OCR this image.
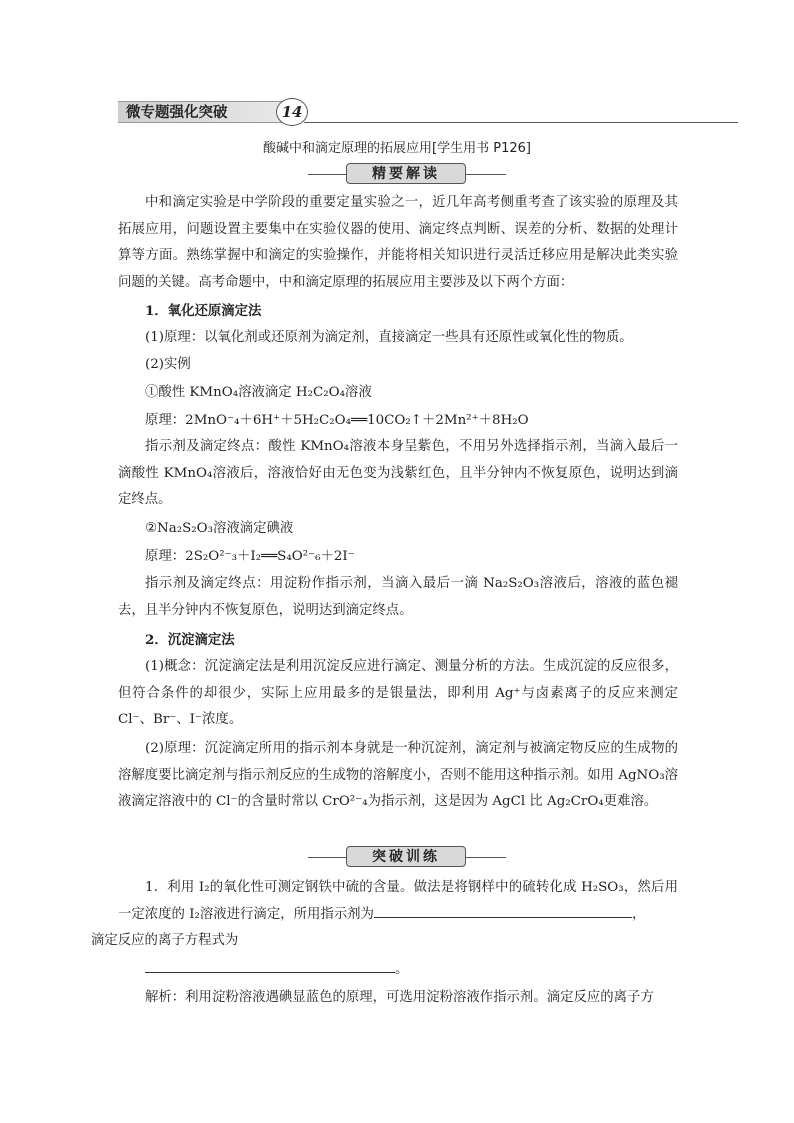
微专题强化突破	14
酸碱中和滴定原理的拓展应用[学生用书 P126]
精要解读
中和滴定实验是中学阶段的重要定量实验之一，近几年高考侧重考查了该实验的原理及其拓展应用，问题设置主要集中在实验仪器的使用、滴定终点判断、误差的分析、数据的处理计算等方面。熟练掌握中和滴定的实验操作，并能将相关知识进行灵活迁移应用是解决此类实验问题的关键。高考命题中，中和滴定原理的拓展应用主要涉及以下两个方面：
1．氧化还原滴定法
(1)原理：以氧化剂或还原剂为滴定剂，直接滴定一些具有还原性或氧化性的物质。
(2)实例
①酸性 KMnO₄溶液滴定 H₂C₂O₄溶液
原理：2MnO⁻₄＋6H⁺＋5H₂C₂O₄══10CO₂↑＋2Mn²⁺＋8H₂O
指示剂及滴定终点：酸性 KMnO₄溶液本身呈紫色，不用另外选择指示剂，当滴入最后一滴酸性 KMnO₄溶液后，溶液恰好由无色变为浅紫红色，且半分钟内不恢复原色，说明达到滴定终点。
②Na₂S₂O₃溶液滴定碘液
原理：2S₂O²⁻₃＋I₂══S₄O²⁻₆＋2I⁻
指示剂及滴定终点：用淀粉作指示剂，当滴入最后一滴 Na₂S₂O₃溶液后，溶液的蓝色褪去，且半分钟内不恢复原色，说明达到滴定终点。
2．沉淀滴定法
(1)概念：沉淀滴定法是利用沉淀反应进行滴定、测量分析的方法。生成沉淀的反应很多，但符合条件的却很少，实际上应用最多的是银量法，即利用 Ag⁺与卤素离子的反应来测定 Cl⁻、Br⁻、I⁻浓度。
(2)原理：沉淀滴定所用的指示剂本身就是一种沉淀剂，滴定剂与被滴定物反应的生成物的溶解度要比滴定剂与指示剂反应的生成物的溶解度小，否则不能用这种指示剂。如用 AgNO₃溶液滴定溶液中的 Cl⁻的含量时常以 CrO²⁻₄为指示剂，这是因为 AgCl 比 Ag₂CrO₄更难溶。
突破训练
1．利用 I₂的氧化性可测定钢铁中硫的含量。做法是将钢样中的硫转化成 H₂SO₃，然后用一定浓度的 I₂溶液进行滴定，所用指示剂为	，
滴定反应的离子方程式为
。
解析：利用淀粉溶液遇碘显蓝色的原理，可选用淀粉溶液作指示剂。滴定反应的离子方
